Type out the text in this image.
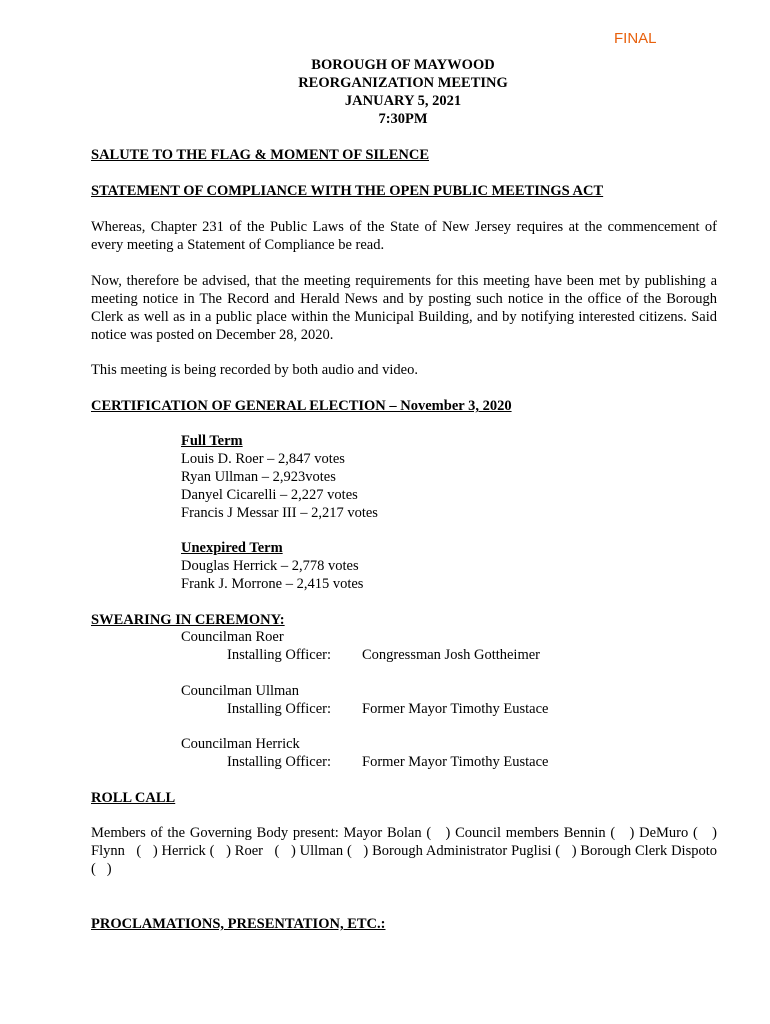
FINAL
BOROUGH OF MAYWOOD
REORGANIZATION MEETING
JANUARY 5, 2021
7:30PM
SALUTE TO THE FLAG & MOMENT OF SILENCE
STATEMENT OF COMPLIANCE WITH THE OPEN PUBLIC MEETINGS ACT
Whereas, Chapter 231 of the Public Laws of the State of New Jersey requires at the commencement of every meeting a Statement of Compliance be read.
Now, therefore be advised, that the meeting requirements for this meeting have been met by publishing a meeting notice in The Record and Herald News and by posting such notice in the office of the Borough Clerk as well as in a public place within the Municipal Building, and by notifying interested citizens. Said notice was posted on December 28, 2020.
This meeting is being recorded by both audio and video.
CERTIFICATION OF GENERAL ELECTION – November 3, 2020
Full Term
Louis D. Roer – 2,847 votes
Ryan Ullman – 2,923votes
Danyel Cicarelli – 2,227 votes
Francis J Messar III – 2,217 votes
Unexpired Term
Douglas Herrick – 2,778 votes
Frank J. Morrone – 2,415 votes
SWEARING IN CEREMONY:
Councilman Roer
Installing Officer: Congressman Josh Gottheimer
Councilman Ullman
Installing Officer: Former Mayor Timothy Eustace
Councilman Herrick
Installing Officer: Former Mayor Timothy Eustace
ROLL CALL
Members of the Governing Body present: Mayor Bolan (   ) Council members Bennin (   ) DeMuro (   ) Flynn   (   ) Herrick (   ) Roer   (   ) Ullman (   ) Borough Administrator Puglisi (   ) Borough Clerk Dispoto (   )
PROCLAMATIONS, PRESENTATION, ETC.:
